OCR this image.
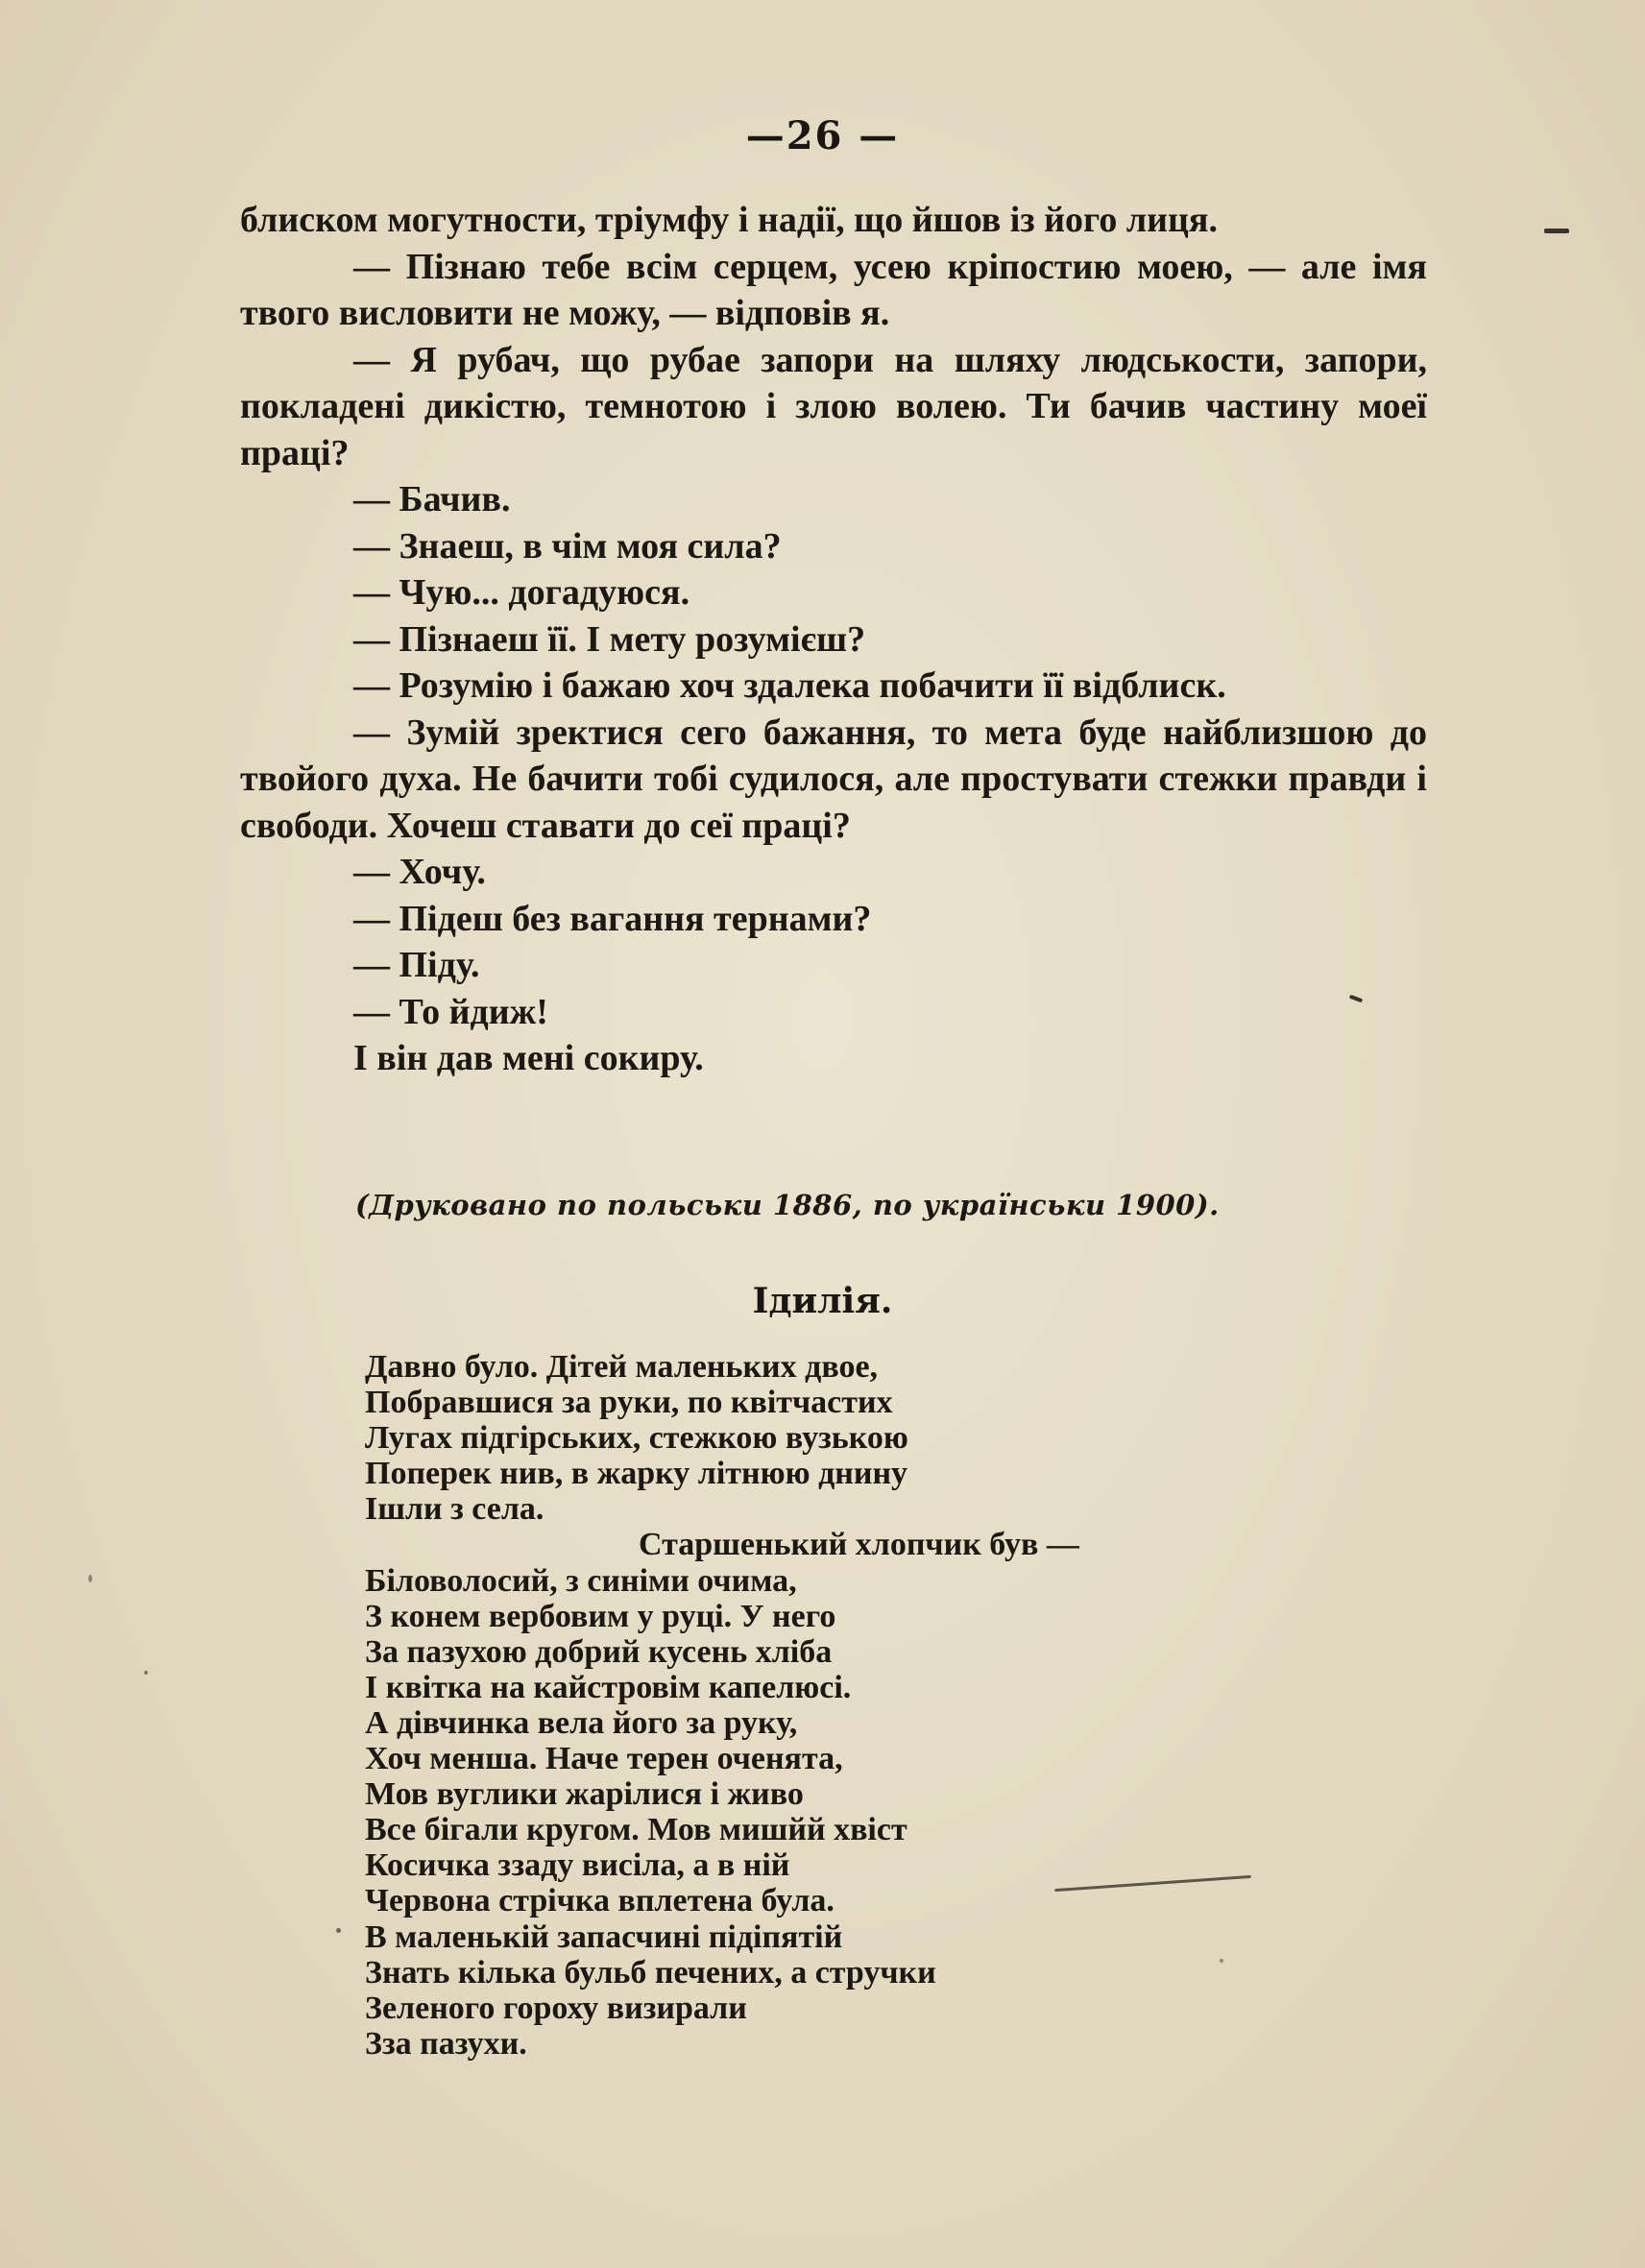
—26 —

блиском могутности, тріумфу і надії, що йшов із його лиця.

— Пізнаю тебе всім серцем, усею кріпостию моею, — але імя твого висловити не можу, — відповів я.

— Я рубач, що рубае запори на шляху людськости, запори, покладені дикістю, темнотою і злою волею. Ти бачив частину моеї праці?

— Бачив.

— Знаеш, в чім моя сила?

— Чую... догадуюся.

— Пізнаеш її. І мету розумієш?

— Розумію і бажаю хоч здалека побачити її відблиск.

— Зумій зректися сего бажання, то мета буде найблизшою до твойого духа. Не бачити тобі судилося, але простувати стежки правди і свободи. Хочеш ставати до сеї праці?

— Хочу.

— Підеш без вагання тернами?

— Піду.

— То йдиж!

І він дав мені сокиру.

(Друковано по польськи 1886, по українськи 1900).
Ідилія.
Давно було. Дітей маленьких двое,
Побравшися за руки, по квітчастих
Лугах підгірських, стежкою вузькою
Поперек нив, в жарку літнюю днину
Ішли з села.
Старшенький хлопчик був —
Біловолосий, з синіми очима,
З конем вербовим у руці. У него
За пазухою добрий кусень хліба
І квітка на кайстровім капелюсі.
А дівчинка вела його за руку,
Хоч менша. Наче терен оченята,
Мов вуглики жарілися і живо
Все бігали кругом. Мов мишйй хвіст
Косичка ззаду висіла, а в ній
Червона стрічка вплетена була.
В маленькій запасчині підіпятій
Знать кілька бульб печених, а стручки
Зеленого гороху визирали
Зза пазухи.
